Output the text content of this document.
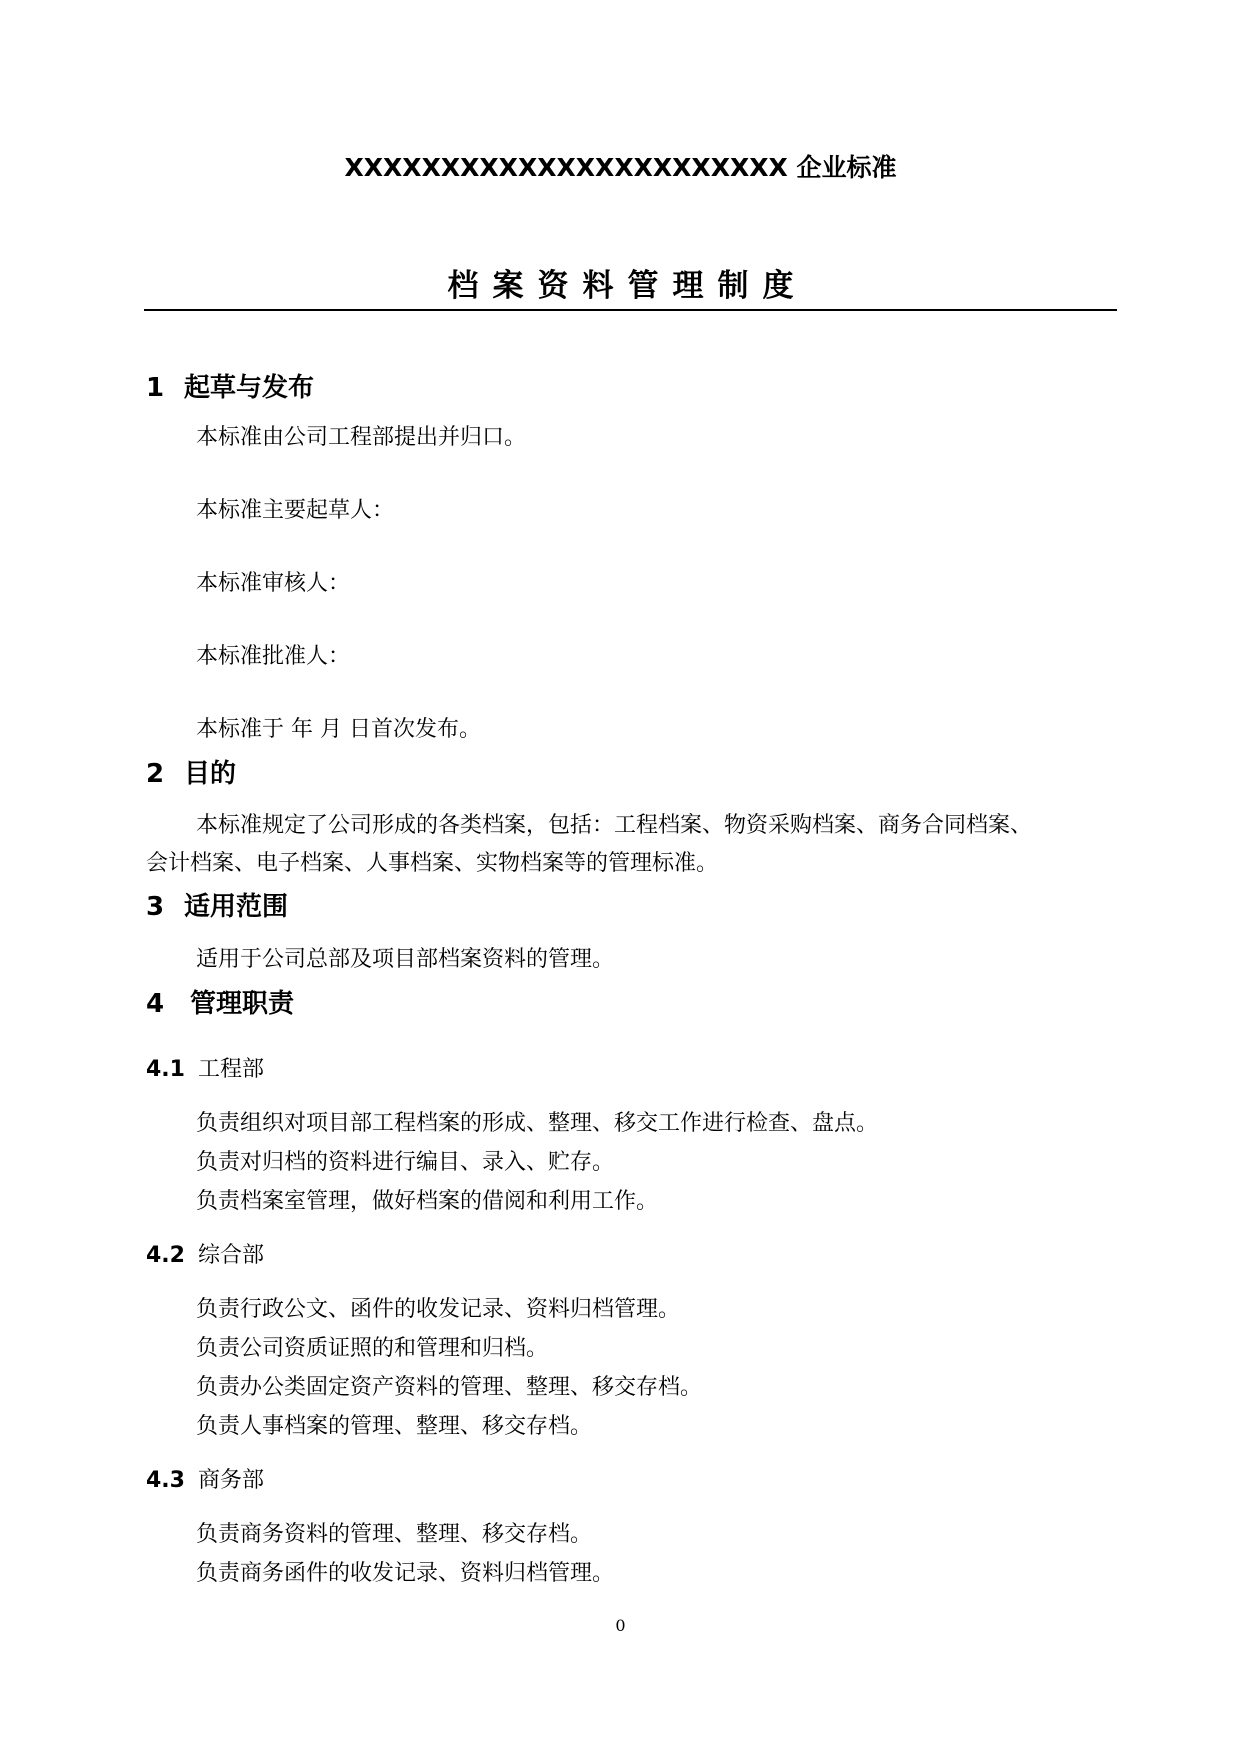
XXXXXXXXXXXXXXXXXXXXXXX 企业标准
档案资料管理制度
1 起草与发布
本标准由公司工程部提出并归口。
本标准主要起草人：
本标准审核人：
本标准批准人：
本标准于 年 月 日首次发布。
2 目的
本标准规定了公司形成的各类档案，包括：工程档案、物资采购档案、商务合同档案、
会计档案、电子档案、人事档案、实物档案等的管理标准。
3 适用范围
适用于公司总部及项目部档案资料的管理。
4 管理职责
4.1 工程部
负责组织对项目部工程档案的形成、整理、移交工作进行检查、盘点。
负责对归档的资料进行编目、录入、贮存。
负责档案室管理，做好档案的借阅和利用工作。
4.2 综合部
负责行政公文、函件的收发记录、资料归档管理。
负责公司资质证照的和管理和归档。
负责办公类固定资产资料的管理、整理、移交存档。
负责人事档案的管理、整理、移交存档。
4.3 商务部
负责商务资料的管理、整理、移交存档。
负责商务函件的收发记录、资料归档管理。
0
